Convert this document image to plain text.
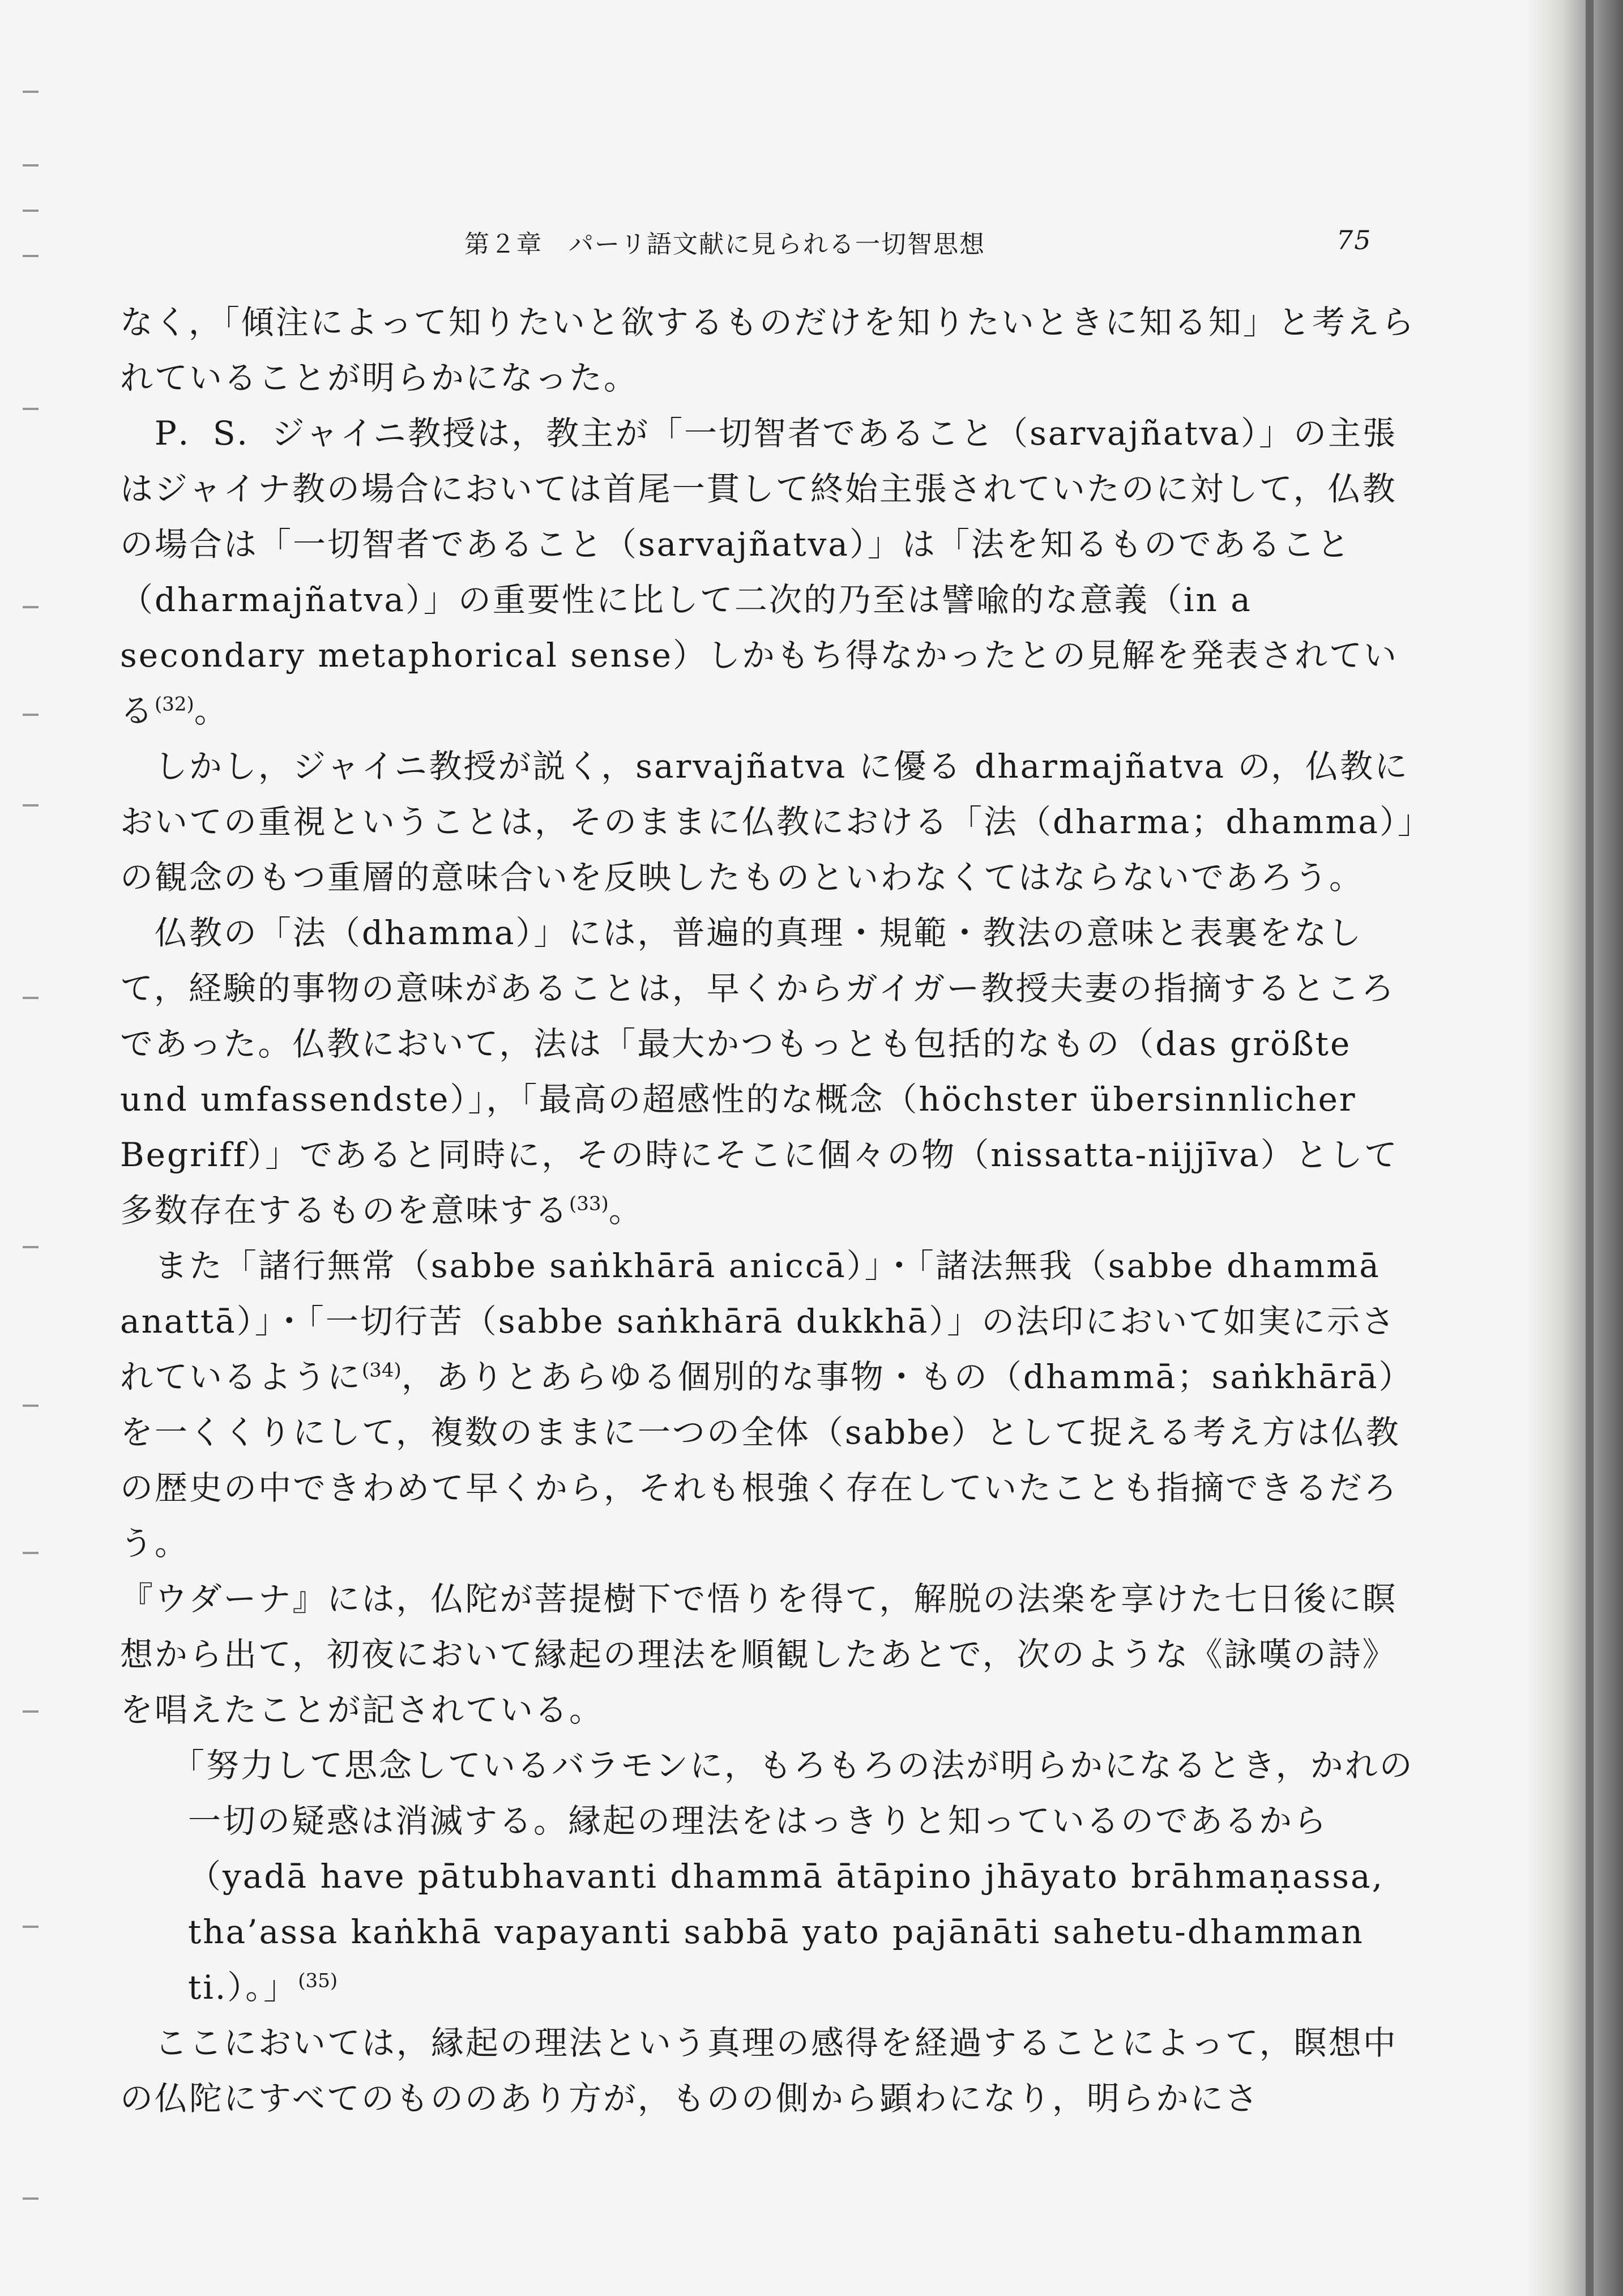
第２章　パーリ語文献に見られる一切智思想	75

なく，「傾注によって知りたいと欲するものだけを知りたいときに知る知」と考えられていることが明らかになった。

P．S．ジャイニ教授は，教主が「一切智者であること（sarvajñatva）」の主張はジャイナ教の場合においては首尾一貫して終始主張されていたのに対して，仏教の場合は「一切智者であること（sarvajñatva）」は「法を知るものであること（dharmajñatva）」の重要性に比して二次的乃至は譬喩的な意義（in a secondary metaphorical sense）しかもち得なかったとの見解を発表されている$^{(32)}$。

しかし，ジャイニ教授が説く，sarvajñatva に優る dharmajñatva の，仏教においての重視ということは，そのままに仏教における「法（dharma；dhamma）」の観念のもつ重層的意味合いを反映したものといわなくてはならないであろう。

仏教の「法（dhamma）」には，普遍的真理・規範・教法の意味と表裏をなして，経験的事物の意味があることは，早くからガイガー教授夫妻の指摘するところであった。仏教において，法は「最大かつもっとも包括的なもの（das größte und umfassendste）」，「最高の超感性的な概念（höchster übersinnlicher Begriff）」であると同時に，その時にそこに個々の物（nissatta-nijjīva）として多数存在するものを意味する$^{(33)}$。

また「諸行無常（sabbe saṅkhārā aniccā）」・「諸法無我（sabbe dhammā anattā）」・「一切行苦（sabbe saṅkhārā dukkhā）」の法印において如実に示されているように$^{(34)}$，ありとあらゆる個別的な事物・もの（dhammā；saṅkhārā）を一くくりにして，複数のままに一つの全体（sabbe）として捉える考え方は仏教の歴史の中できわめて早くから，それも根強く存在していたことも指摘できるだろう。

『ウダーナ』には，仏陀が菩提樹下で悟りを得て，解脱の法楽を享けた七日後に瞑想から出て，初夜において縁起の理法を順観したあとで，次のような《詠嘆の詩》を唱えたことが記されている。

「努力して思念しているバラモンに，もろもろの法が明らかになるとき，かれの一切の疑惑は消滅する。縁起の理法をはっきりと知っているのであるから（yadā have pātubhavanti dhammā ātāpino jhāyato brāhmaṇassa, tha’assa kaṅkhā vapayanti sabbā yato pajānāti sahetu-dhamman ti.）。」$^{(35)}$

ここにおいては，縁起の理法という真理の感得を経過することによって，瞑想中の仏陀にすべてのもののあり方が，ものの側から顕わになり，明らかにさ
